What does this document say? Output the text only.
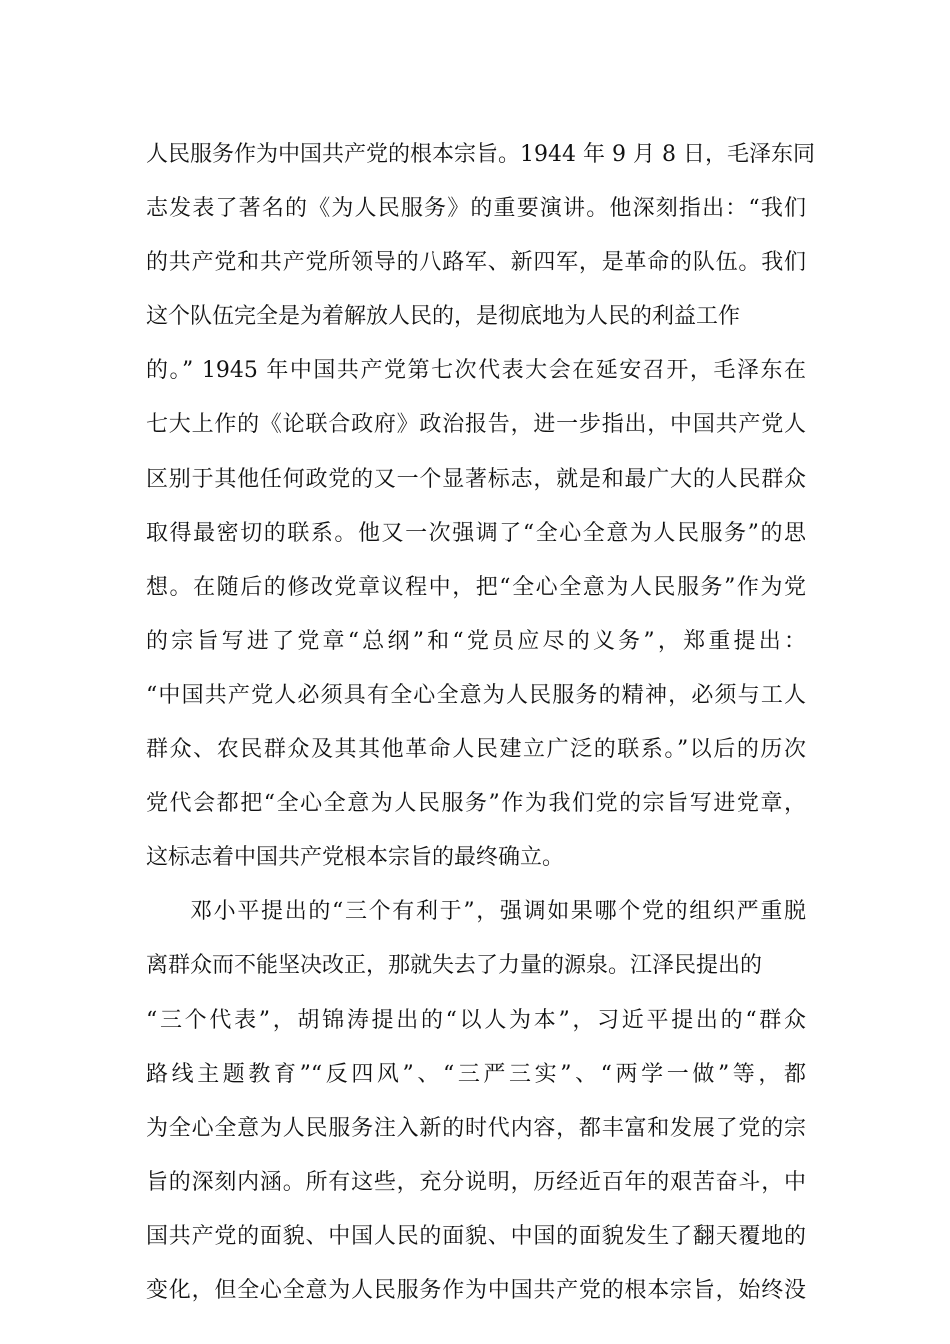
人民服务作为中国共产党的根本宗旨。1944 年 9 月 8 日，毛泽东同
志发表了著名的《为人民服务》的重要演讲。他深刻指出：“我们
的共产党和共产党所领导的八路军、新四军，是革命的队伍。我们
这个队伍完全是为着解放人民的，是彻底地为人民的利益工作
的。” 1945 年中国共产党第七次代表大会在延安召开，毛泽东在
七大上作的《论联合政府》政治报告，进一步指出，中国共产党人
区别于其他任何政党的又一个显著标志，就是和最广大的人民群众
取得最密切的联系。他又一次强调了“全心全意为人民服务”的思
想。在随后的修改党章议程中，把“全心全意为人民服务”作为党
的宗旨写进了党章“总纲”和“党员应尽的义务”，郑重提出：
“中国共产党人必须具有全心全意为人民服务的精神，必须与工人
群众、农民群众及其其他革命人民建立广泛的联系。”以后的历次
党代会都把“全心全意为人民服务”作为我们党的宗旨写进党章，
这标志着中国共产党根本宗旨的最终确立。
邓小平提出的“三个有利于”，强调如果哪个党的组织严重脱
离群众而不能坚决改正，那就失去了力量的源泉。江泽民提出的
“三个代表”，胡锦涛提出的“以人为本”，习近平提出的“群众
路线主题教育”“反四风”、“三严三实”、“两学一做”等，都
为全心全意为人民服务注入新的时代内容，都丰富和发展了党的宗
旨的深刻内涵。所有这些，充分说明，历经近百年的艰苦奋斗，中
国共产党的面貌、中国人民的面貌、中国的面貌发生了翻天覆地的
变化，但全心全意为人民服务作为中国共产党的根本宗旨，始终没
